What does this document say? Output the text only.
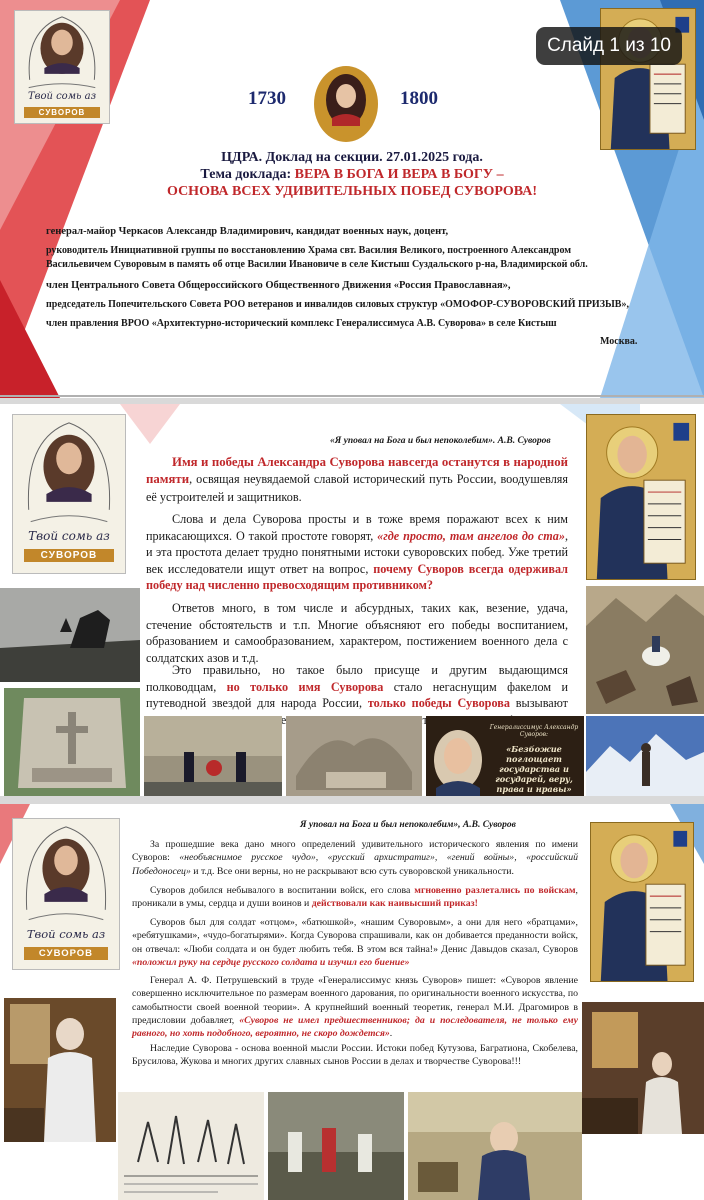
Твой сомь аз
СУВОРОВ
Слайд 1 из 10
1730	1800
ЦДРА. Доклад на секции. 27.01.2025 года.
Тема доклада: ВЕРА В БОГА И ВЕРА В БОГУ –
ОСНОВА ВСЕХ УДИВИТЕЛЬНЫХ ПОБЕД СУВОРОВА!
генерал-майор Черкасов Александр Владимирович, кандидат военных наук, доцент,
руководитель Инициативной группы по восстановлению Храма свт. Василия Великого, построенного Александром
Васильевичем Суворовым в память об отце Василии Ивановиче в селе Кистыш Суздальского р-на, Владимирской обл.
член Центрального Совета Общероссийского Общественного Движения «Россия Православная»,
председатель Попечительского Совета РОО ветеранов и инвалидов силовых структур «ОМОФОР-СУВОРОВСКИЙ ПРИЗЫВ»,
член правления ВРОО «Архитектурно-исторический комплекс Генералиссимуса А.В. Суворова» в селе Кистыш
Москва.
Твой сомь аз
СУВОРОВ
«Я уповал на Бога и был непоколебим». А.В. Суворов
Имя и победы Александра Суворова навсегда останутся в народной памяти, освящая неувядаемой славой исторический путь России, воодушевляя её устроителей и защитников.
Слова и дела Суворова просты и в тоже время поражают всех к ним прикасающихся. О такой простоте говорят, «где просто, там ангелов до ста», и эта простота делает трудно понятными истоки суворовских побед. Уже третий век исследователи ищут ответ на вопрос, почему Суворов всегда одерживал победу над численно превосходящим противником?
Ответов много, в том числе и абсурдных, таких как, везение, удача, стечение обстоятельств и т.п. Многие объясняют его победы воспитанием, образованием и самообразованием, характером, постижением военного дела с солдатских азов и т.д.
Это правильно, но такое было присуще и другим выдающимся полководцам, но только имя Суворова стало негаснущим факелом и путеводной звездой для народа России, только победы Суворова вызывают
Генералиссимус Александр Суворов:
«Безбожие поглощает государства и государей, веру, права и нравы»
Твой сомь аз
СУВОРОВ
Я уповал на Бога и был непоколебим», А.В. Суворов
За прошедшие века дано много определений удивительного исторического явления по имени Суворов: «необъяснимое русское чудо», «русский архистратиг», «гений войны», «российский Победоносец» и т.д. Все они верны, но не раскрывают всю суть суворовской уникальности.
Суворов добился небывалого в воспитании войск, его слова мгновенно разлетались по войскам, проникали в умы, сердца и души воинов и действовали как наивысший приказ!
Суворов был для солдат «отцом», «батюшкой», «нашим Суворовым», а они для него «братцами», «ребятушками», «чудо-богатырями». Когда Суворова спрашивали, как он добивается преданности войск, он отвечал: «Люби солдата и он будет любить тебя. В этом вся тайна!» Денис Давыдов сказал, Суворов «положил руку на сердце русского солдата и изучил его биение»
Генерал А. Ф. Петрушевский в труде «Генералиссимус князь Суворов» пишет: «Суворов явление совершенно исключительное по размерам военного дарования, по оригинальности военного искусства, по самобытности своей военной теории». А крупнейший военный теоретик, генерал М.И. Драгомиров в предисловии добавляет, «Суворов не имел предшественников; да и последователя, не только ему равного, но хоть подобного, вероятно, не скоро дождется».
Наследие Суворова - основа военной мысли России. Истоки побед Кутузова, Багратиона, Скобелева, Брусилова, Жукова и многих других славных сынов России в делах и творчестве Суворова!!!
